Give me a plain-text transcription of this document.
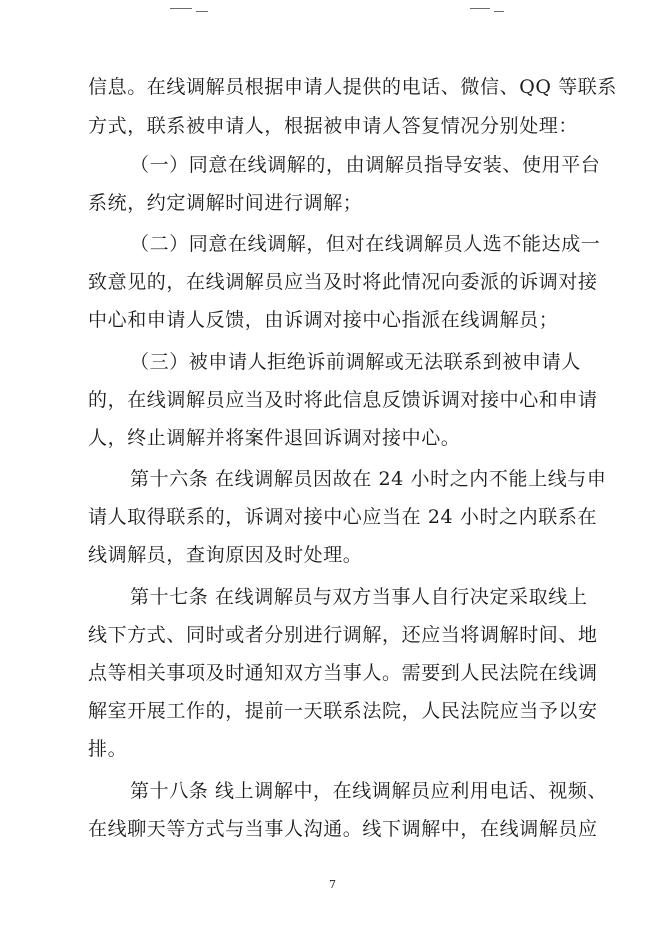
信息。在线调解员根据申请人提供的电话、微信、QQ 等联系
方式，联系被申请人，根据被申请人答复情况分别处理：
（一）同意在线调解的，由调解员指导安装、使用平台
系统，约定调解时间进行调解；
（二）同意在线调解，但对在线调解员人选不能达成一
致意见的，在线调解员应当及时将此情况向委派的诉调对接
中心和申请人反馈，由诉调对接中心指派在线调解员；
（三）被申请人拒绝诉前调解或无法联系到被申请人
的，在线调解员应当及时将此信息反馈诉调对接中心和申请
人，终止调解并将案件退回诉调对接中心。
第十六条 在线调解员因故在 24 小时之内不能上线与申
请人取得联系的，诉调对接中心应当在 24 小时之内联系在
线调解员，查询原因及时处理。
第十七条 在线调解员与双方当事人自行决定采取线上
线下方式、同时或者分别进行调解，还应当将调解时间、地
点等相关事项及时通知双方当事人。需要到人民法院在线调
解室开展工作的，提前一天联系法院，人民法院应当予以安
排。
第十八条 线上调解中，在线调解员应利用电话、视频、
在线聊天等方式与当事人沟通。线下调解中，在线调解员应
7
